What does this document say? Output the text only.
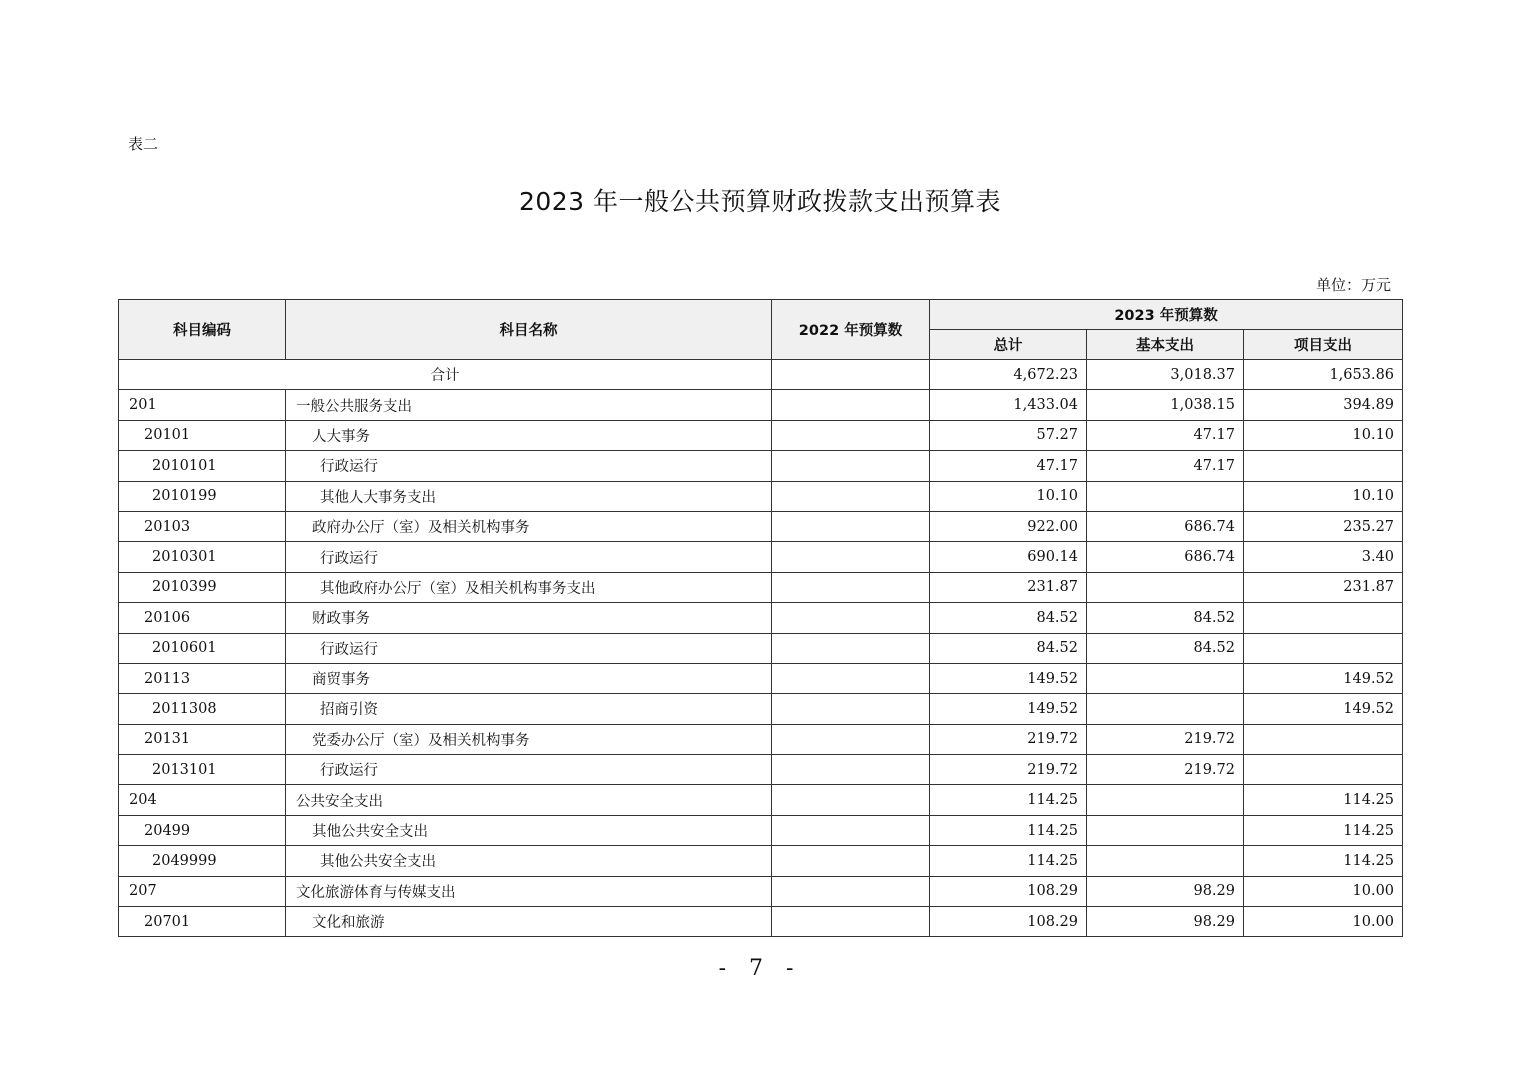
表二
2023 年一般公共预算财政拨款支出预算表
单位：万元
科目编码	科目名称	2022 年预算数	2023 年预算数		
			总计	基本支出	项目支出
合计			4,672.23	3,018.37	1,653.86
201	一般公共服务支出		1,433.04	1,038.15	394.89
20101	人大事务		57.27	47.17	10.10
2010101	行政运行		47.17	47.17	
2010199	其他人大事务支出		10.10		10.10
20103	政府办公厅（室）及相关机构事务		922.00	686.74	235.27
2010301	行政运行		690.14	686.74	3.40
2010399	其他政府办公厅（室）及相关机构事务支出		231.87		231.87
20106	财政事务		84.52	84.52	
2010601	行政运行		84.52	84.52	
20113	商贸事务		149.52		149.52
2011308	招商引资		149.52		149.52
20131	党委办公厅（室）及相关机构事务		219.72	219.72	
2013101	行政运行		219.72	219.72	
204	公共安全支出		114.25		114.25
20499	其他公共安全支出		114.25		114.25
2049999	其他公共安全支出		114.25		114.25
207	文化旅游体育与传媒支出		108.29	98.29	10.00
20701	文化和旅游		108.29	98.29	10.00
- 7 -
